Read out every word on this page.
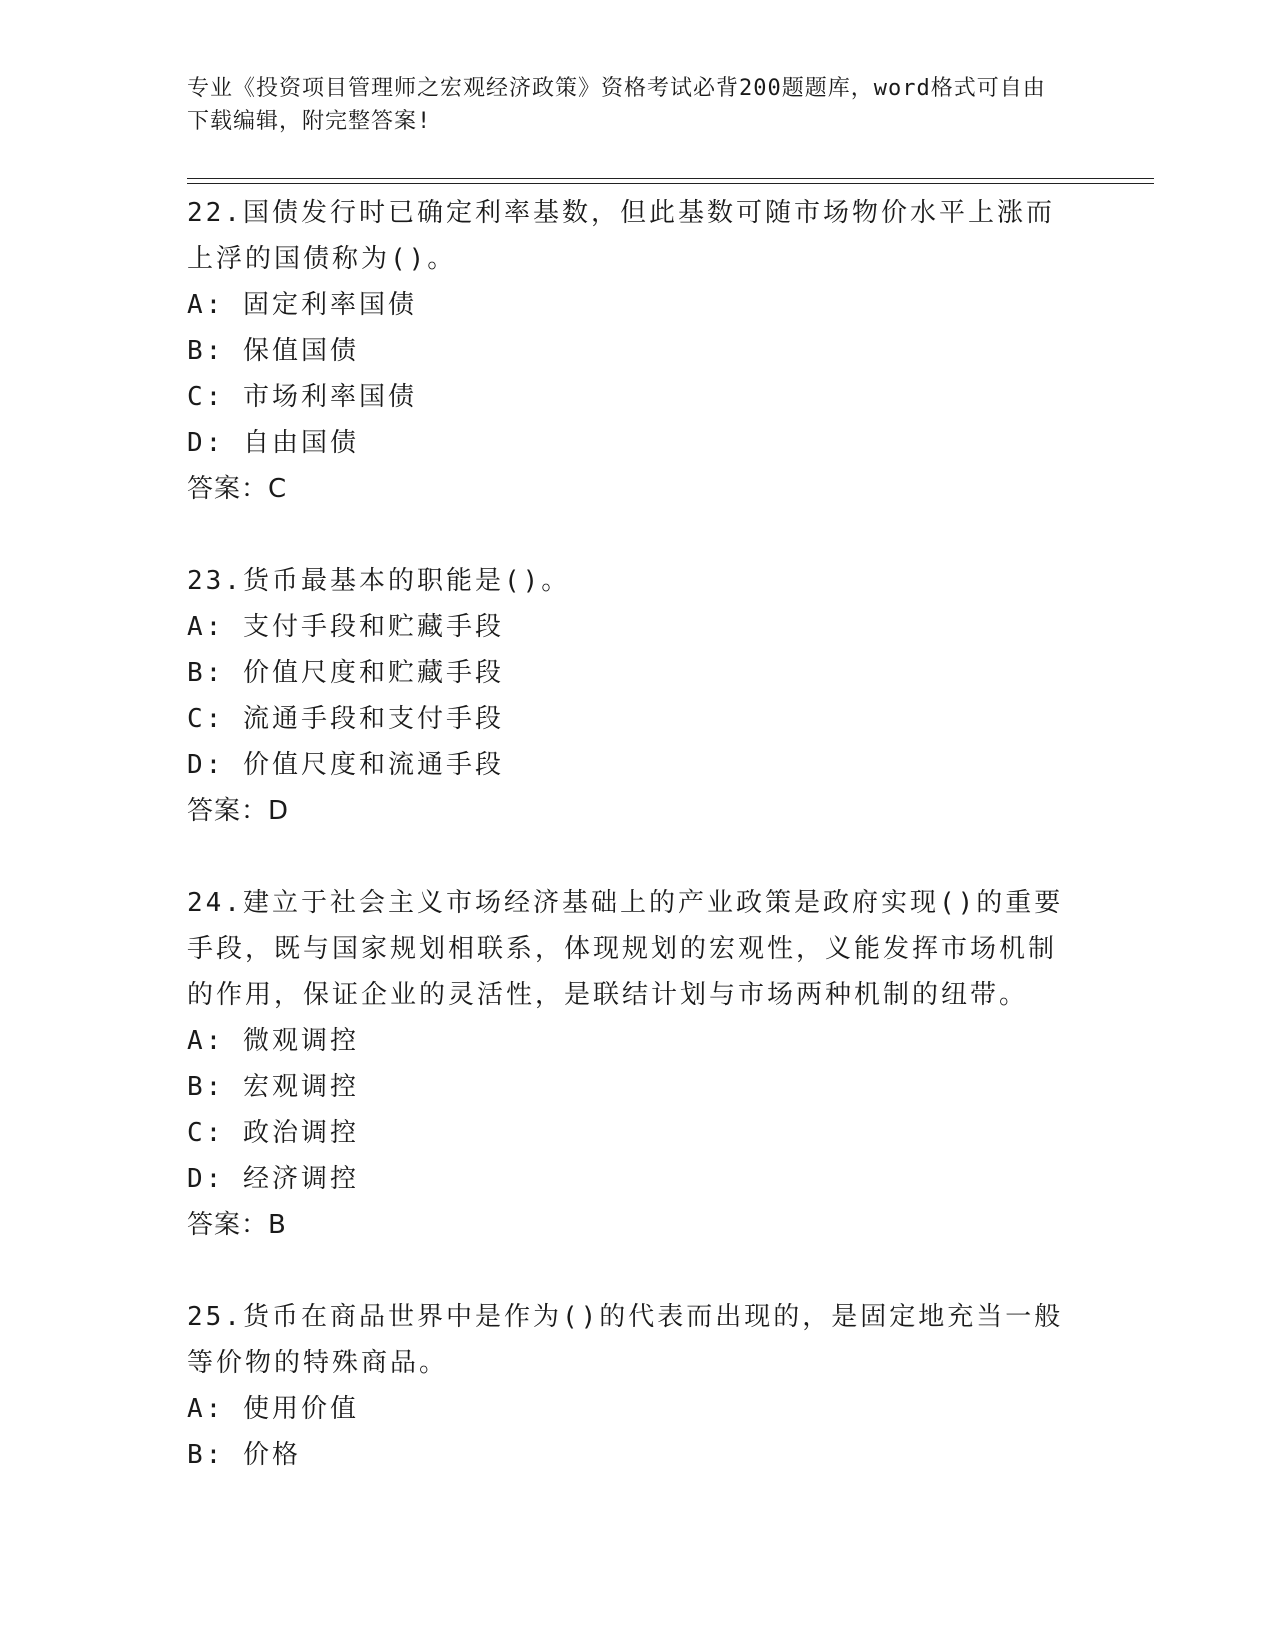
专业《投资项目管理师之宏观经济政策》资格考试必背200题题库，word格式可自由下载编辑，附完整答案!

22.国债发行时已确定利率基数，但此基数可随市场物价水平上涨而上浮的国债称为()。

A: 固定利率国债

B: 保值国债

C: 市场利率国债

D: 自由国债

答案：C

23.货币最基本的职能是()。

A: 支付手段和贮藏手段

B: 价值尺度和贮藏手段

C: 流通手段和支付手段

D: 价值尺度和流通手段

答案：D

24.建立于社会主义市场经济基础上的产业政策是政府实现()的重要手段，既与国家规划相联系，体现规划的宏观性，义能发挥市场机制的作用，保证企业的灵活性，是联结计划与市场两种机制的纽带。

A: 微观调控

B: 宏观调控

C: 政治调控

D: 经济调控

答案：B

25.货币在商品世界中是作为()的代表而出现的，是固定地充当一般等价物的特殊商品。

A: 使用价值

B: 价格
